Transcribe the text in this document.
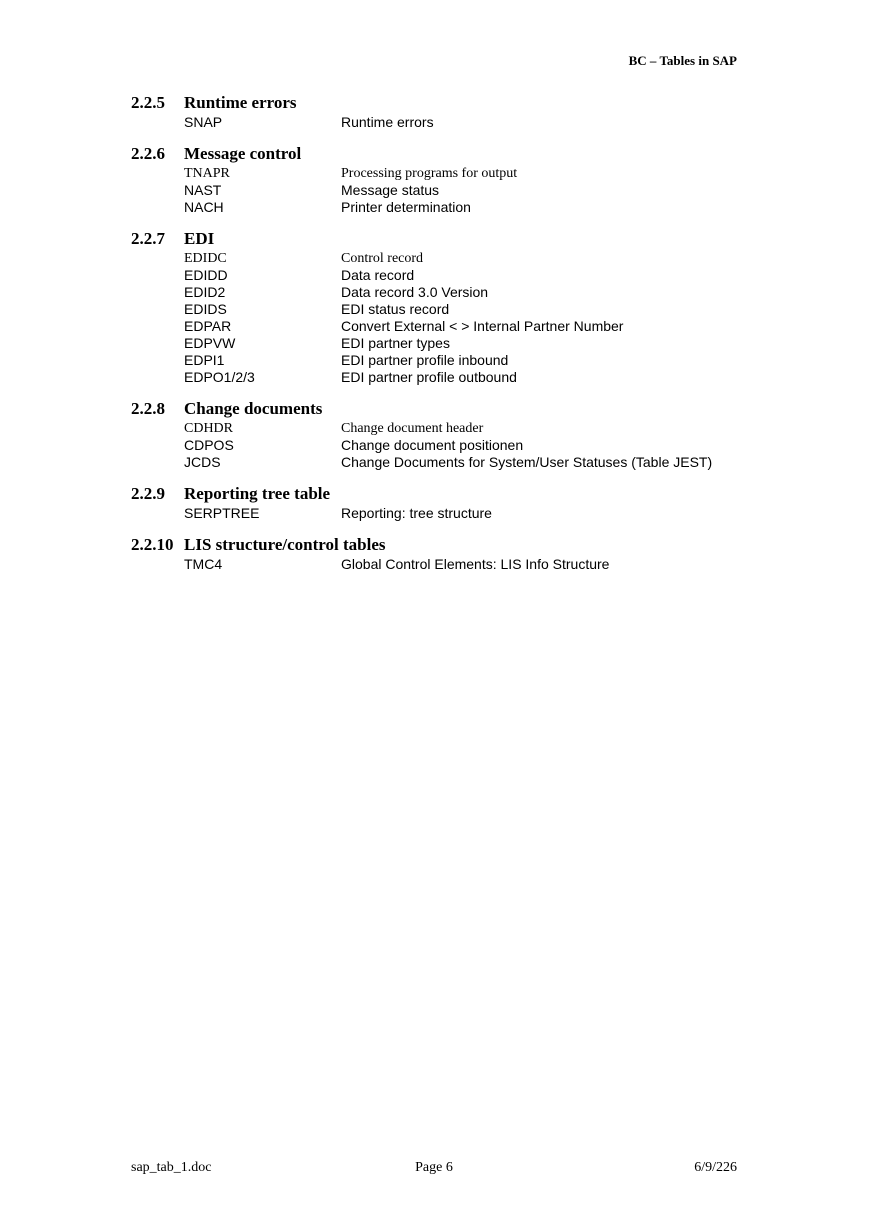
BC – Tables in SAP
2.2.5 Runtime errors
SNAP	Runtime errors
2.2.6 Message control
TNAPR	Processing programs for output
NAST	Message status
NACH	Printer determination
2.2.7 EDI
EDIDC	Control record
EDIDD	Data record
EDID2	Data record 3.0 Version
EDIDS	EDI status record
EDPAR	Convert External < > Internal Partner Number
EDPVW	EDI partner types
EDPI1	EDI partner profile inbound
EDPO1/2/3	EDI partner profile outbound
2.2.8 Change documents
CDHDR	Change document header
CDPOS	Change document positionen
JCDS	Change Documents for System/User Statuses (Table JEST)
2.2.9 Reporting tree table
SERPTREE	Reporting: tree structure
2.2.10 LIS structure/control tables
TMC4	Global Control Elements: LIS Info Structure
sap_tab_1.doc	Page 6	6/9/226
